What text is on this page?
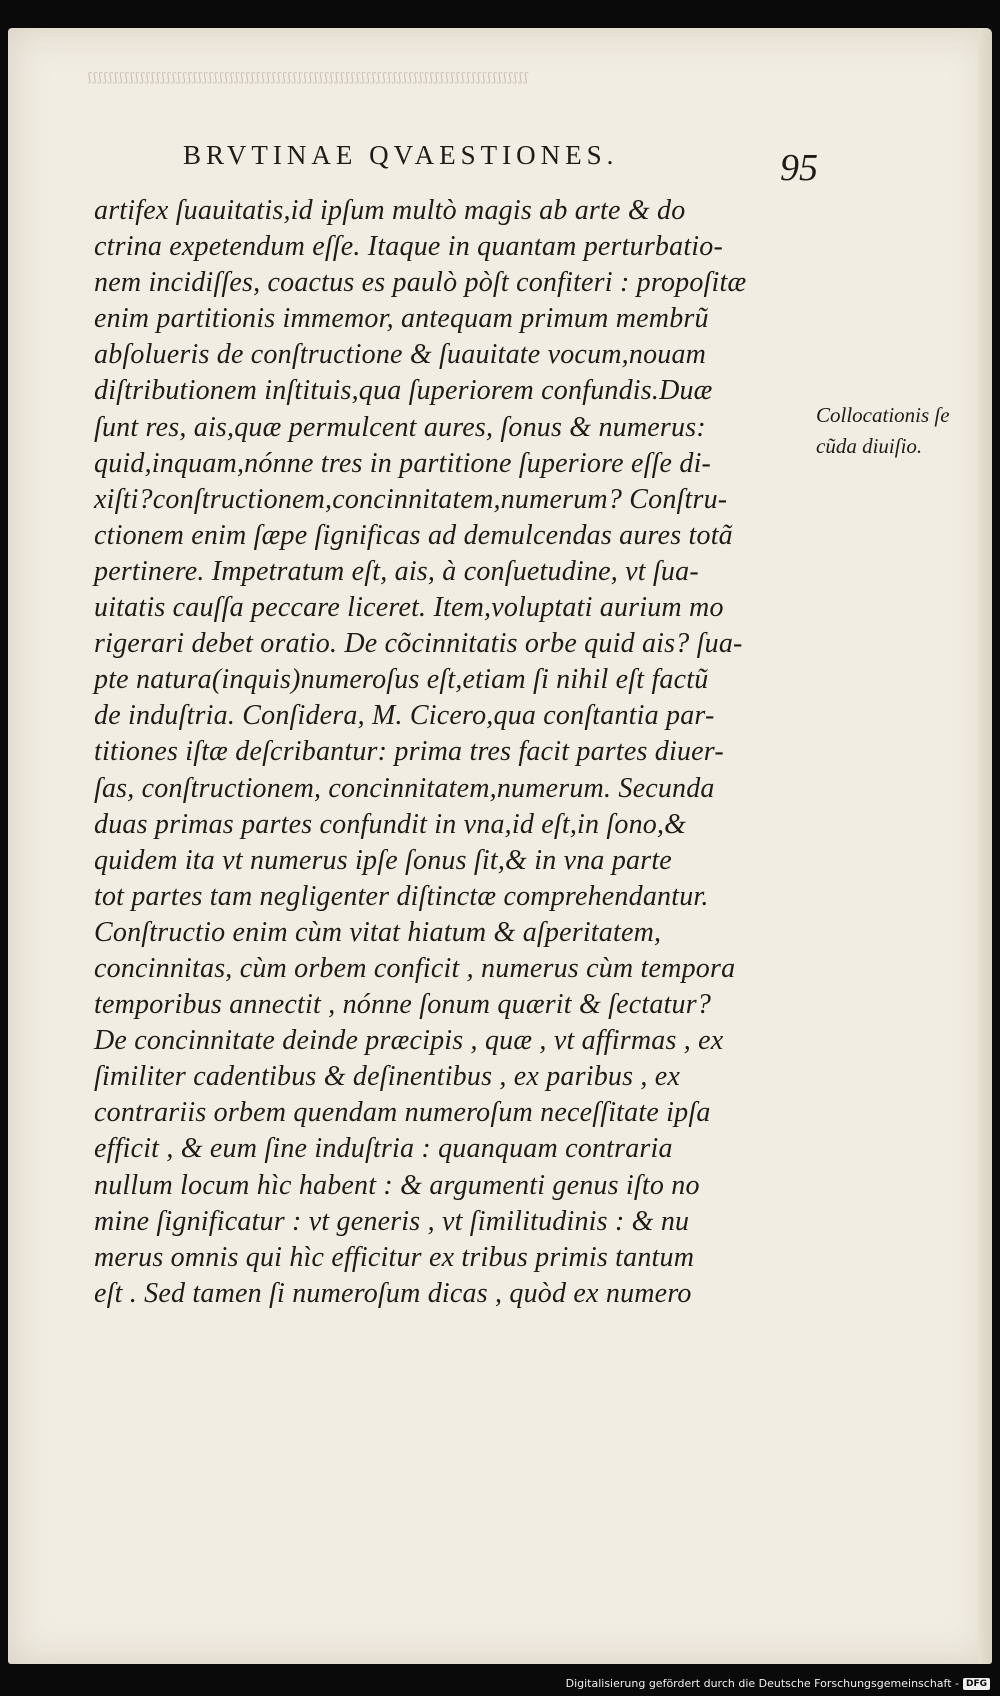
ʃʃʃʃʃʃʃʃʃʃʃʃʃʃʃʃʃʃʃʃʃʃʃʃʃʃʃʃʃʃʃʃʃʃʃʃʃʃʃʃʃʃʃʃʃʃʃʃʃʃʃʃʃʃʃʃʃʃʃʃʃʃʃʃʃʃʃʃʃʃʃʃʃʃʃʃʃʃʃʃʃʃʃʃ
BRVTINAE QVAESTIONES.	95
artifex ſuauitatis,id ipſum multò magis ab arte & do
ctrina expetendum eſſe. Itaque in quantam perturbatio-
nem incidiſſes, coactus es paulò pòſt confiteri : propoſitæ
enim partitionis immemor, antequam primum membrũ
abſolueris de conſtructione & ſuauitate vocum,nouam
diſtributionem inſtituis,qua ſuperiorem confundis.Duæ
ſunt res, ais,quæ permulcent aures, ſonus & numerus:
quid,inquam,nónne tres in partitione ſuperiore eſſe di-
xiſti?conſtructionem,concinnitatem,numerum? Conſtru-
ctionem enim ſæpe ſignificas ad demulcendas aures totã
pertinere. Impetratum eſt, ais, à conſuetudine, vt ſua-
uitatis cauſſa peccare liceret. Item,voluptati aurium mo
rigerari debet oratio. De cõcinnitatis orbe quid ais? ſua-
pte natura(inquis)numeroſus eſt,etiam ſi nihil eſt factũ
de induſtria. Conſidera, M. Cicero,qua conſtantia par-
titiones iſtæ deſcribantur: prima tres facit partes diuer-
ſas, conſtructionem, concinnitatem,numerum. Secunda
duas primas partes confundit in vna,id eſt,in ſono,&
quidem ita vt numerus ipſe ſonus ſit,& in vna parte
tot partes tam negligenter diſtinctæ comprehendantur.
Conſtructio enim cùm vitat hiatum & aſperitatem,
concinnitas, cùm orbem conficit , numerus cùm tempora
temporibus annectit , nónne ſonum quærit & ſectatur?
De concinnitate deinde præcipis , quæ , vt affirmas , ex
ſimiliter cadentibus & deſinentibus , ex paribus , ex
contrariis orbem quendam numeroſum neceſſitate ipſa
efficit , & eum ſine induſtria : quanquam contraria
nullum locum hìc habent : & argumenti genus iſto no
mine ſignificatur : vt generis , vt ſimilitudinis : & nu
merus omnis qui hìc efficitur ex tribus primis tantum
eſt . Sed tamen ſi numeroſum dicas , quòd ex numero
Collocationis ſe
cũda diuiſio.
Digitalisierung gefördert durch die Deutsche Forschungsgemeinschaft - DFG
